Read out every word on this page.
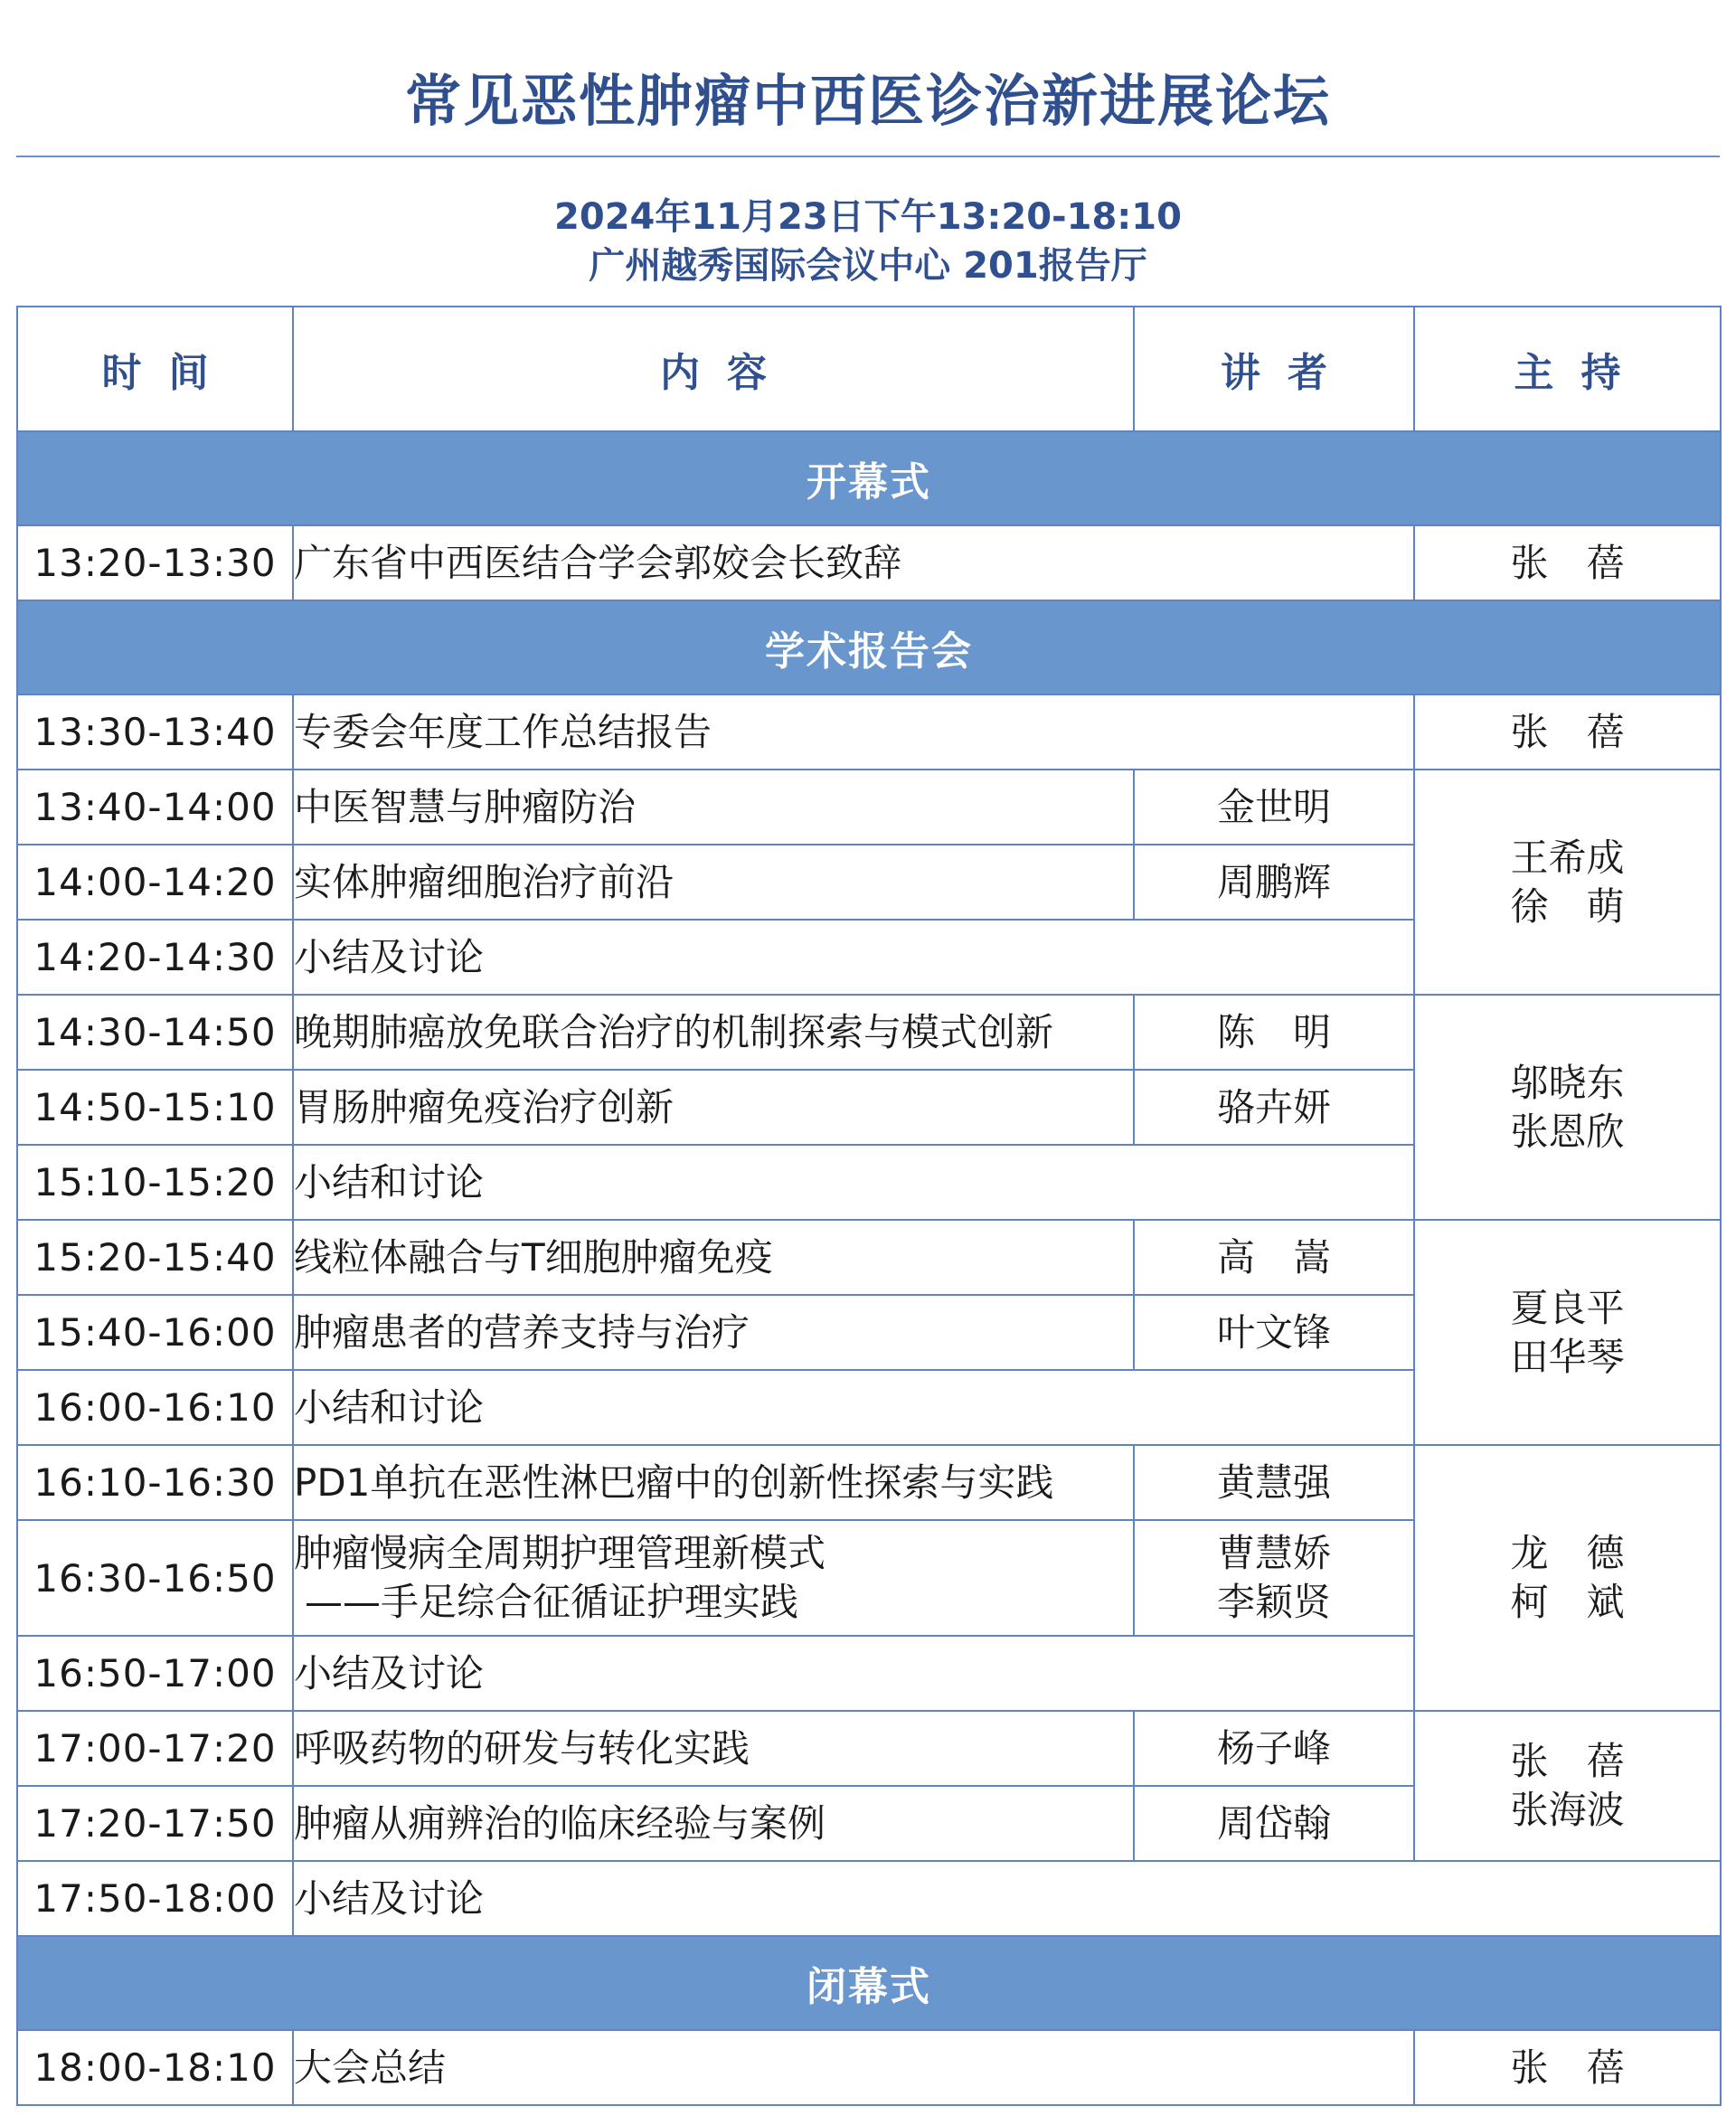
常见恶性肿瘤中西医诊治新进展论坛
2024年11月23日下午13:20-18:10
广州越秀国际会议中心 201报告厅
时间	内容	讲者	主持
开幕式			
13:20-13:30	广东省中西医结合学会郭姣会长致辞		张　蓓
学术报告会			
13:30-13:40	专委会年度工作总结报告		张　蓓
13:40-14:00	中医智慧与肿瘤防治	金世明	王希成
徐　萌

14:00-14:20	实体肿瘤细胞治疗前沿	周鹏辉	
14:20-14:30	小结及讨论		
14:30-14:50	晚期肺癌放免联合治疗的机制探索与模式创新	陈　明	邬晓东
张恩欣

14:50-15:10	胃肠肿瘤免疫治疗创新	骆卉妍	
15:10-15:20	小结和讨论		
15:20-15:40	线粒体融合与T细胞肿瘤免疫	高　嵩	夏良平
田华琴

15:40-16:00	肿瘤患者的营养支持与治疗	叶文锋	
16:00-16:10	小结和讨论		
16:10-16:30	PD1单抗在恶性淋巴瘤中的创新性探索与实践	黄慧强	龙　德
柯　斌

16:30-16:50	肿瘤慢病全周期护理管理新模式
——手足综合征循证护理实践	曹慧娇
李颖贤	

16:50-17:00	小结及讨论		
17:00-17:20	呼吸药物的研发与转化实践	杨子峰	张　蓓
张海波

17:20-17:50	肿瘤从痈辨治的临床经验与案例	周岱翰	
17:50-18:00	小结及讨论		
闭幕式			
18:00-18:10	大会总结		张　蓓
